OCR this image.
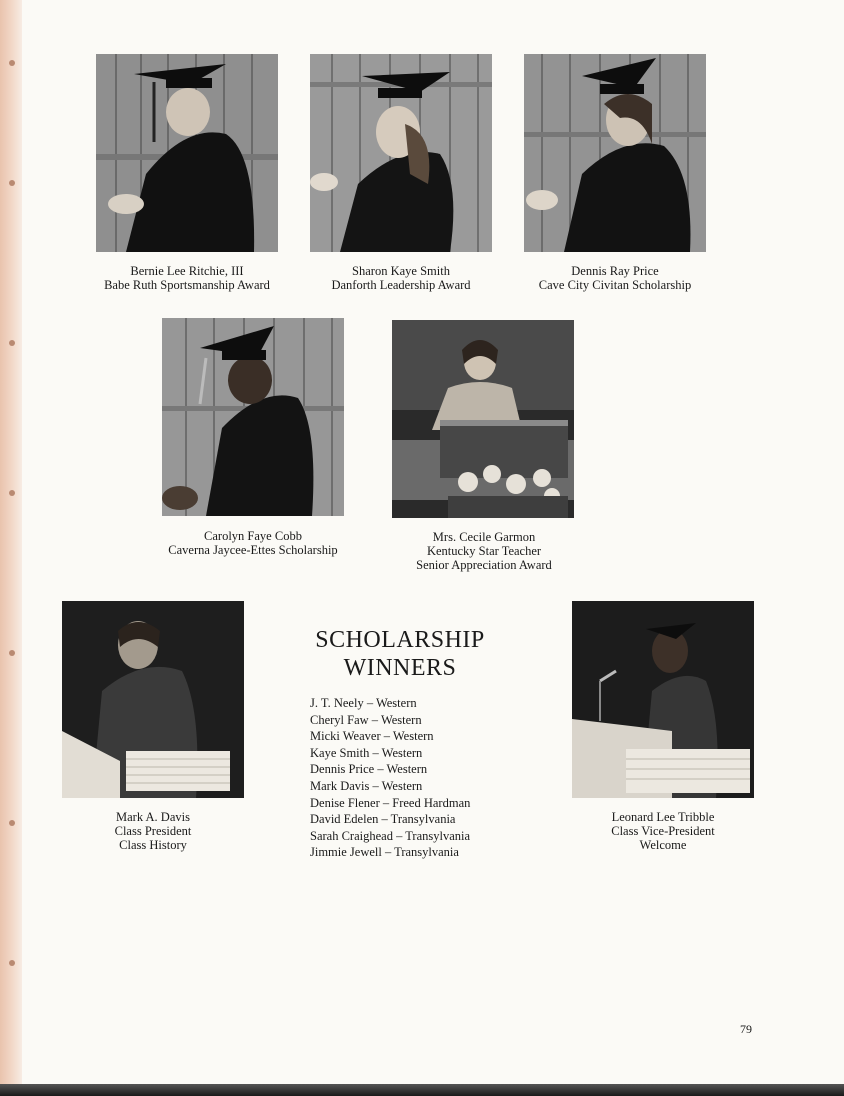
Bernie Lee Ritchie, III
Babe Ruth Sportsmanship Award
Sharon Kaye Smith
Danforth Leadership Award
Dennis Ray Price
Cave City Civitan Scholarship
Carolyn Faye Cobb
Caverna Jaycee-Ettes Scholarship
Mrs. Cecile Garmon
Kentucky Star Teacher
Senior Appreciation Award
Mark A. Davis
Class President
Class History
Leonard Lee Tribble
Class Vice-President
Welcome
SCHOLARSHIP
WINNERS
J. T. Neely – Western
Cheryl Faw – Western
Micki Weaver – Western
Kaye Smith – Western
Dennis Price – Western
Mark Davis – Western
Denise Flener – Freed Hardman
David Edelen – Transylvania
Sarah Craighead – Transylvania
Jimmie Jewell – Transylvania
79
